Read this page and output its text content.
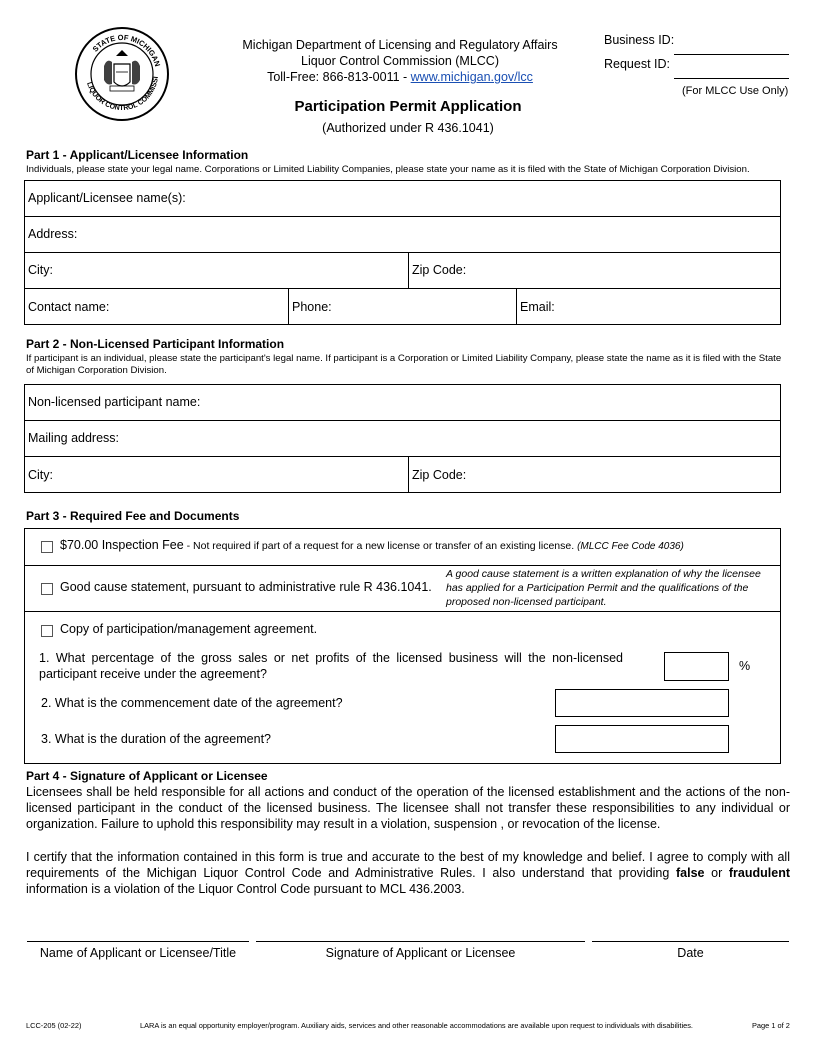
STATE OF MICHIGAN
LIQUOR CONTROL COMMISSI
Michigan Department of Licensing and Regulatory Affairs
Liquor Control Commission (MLCC)
Toll-Free: 866-813-0011 - www.michigan.gov/lcc
Participation Permit Application
(Authorized under R 436.1041)
Business ID:
Request ID:
(For MLCC Use Only)
Part 1 - Applicant/Licensee Information
Individuals, please state your legal name. Corporations or Limited Liability Companies, please state your name as it is filed with the State of Michigan Corporation Division.
Applicant/Licensee name(s):
Address:
City:	Zip Code:
Contact name:	Phone:	Email:
Part 2 - Non-Licensed Participant Information
If participant is an individual, please state the participant's legal name. If participant is a Corporation or Limited Liability Company, please state the name as it is filed with the State of Michigan Corporation Division.
Non-licensed participant name:
Mailing address:
City:	Zip Code:
Part 3 - Required Fee and Documents
$70.00 Inspection Fee - Not required if part of a request for a new license or transfer of an existing license. (MLCC Fee Code 4036)
Good cause statement, pursuant to administrative rule R 436.1041.
A good cause statement is a written explanation of why the licensee has applied for a Participation Permit and the qualifications of the proposed non-licensed participant.
Copy of participation/management agreement.
1. What percentage of the gross sales or net profits of the licensed business will the non-licensed participant receive under the agreement?
%
2. What is the commencement date of the agreement?
3. What is the duration of the agreement?
Part 4 - Signature of Applicant or Licensee
Licensees shall be held responsible for all actions and conduct of the operation of the licensed establishment and the actions of the non-licensed participant in the conduct of the licensed business. The licensee shall not transfer these responsibilities to any individual or organization. Failure to uphold this responsibility may result in a violation, suspension , or revocation of the license.
I certify that the information contained in this form is true and accurate to the best of my knowledge and belief. I agree to comply with all requirements of the Michigan Liquor Control Code and Administrative Rules. I also understand that providing false or fraudulent information is a violation of the Liquor Control Code pursuant to MCL 436.2003.
Name of Applicant or Licensee/Title	Signature of Applicant or Licensee	Date
LCC-205 (02-22)	LARA is an equal opportunity employer/program. Auxiliary aids, services and other reasonable accommodations are available upon request to individuals with disabilities.	Page 1 of 2
